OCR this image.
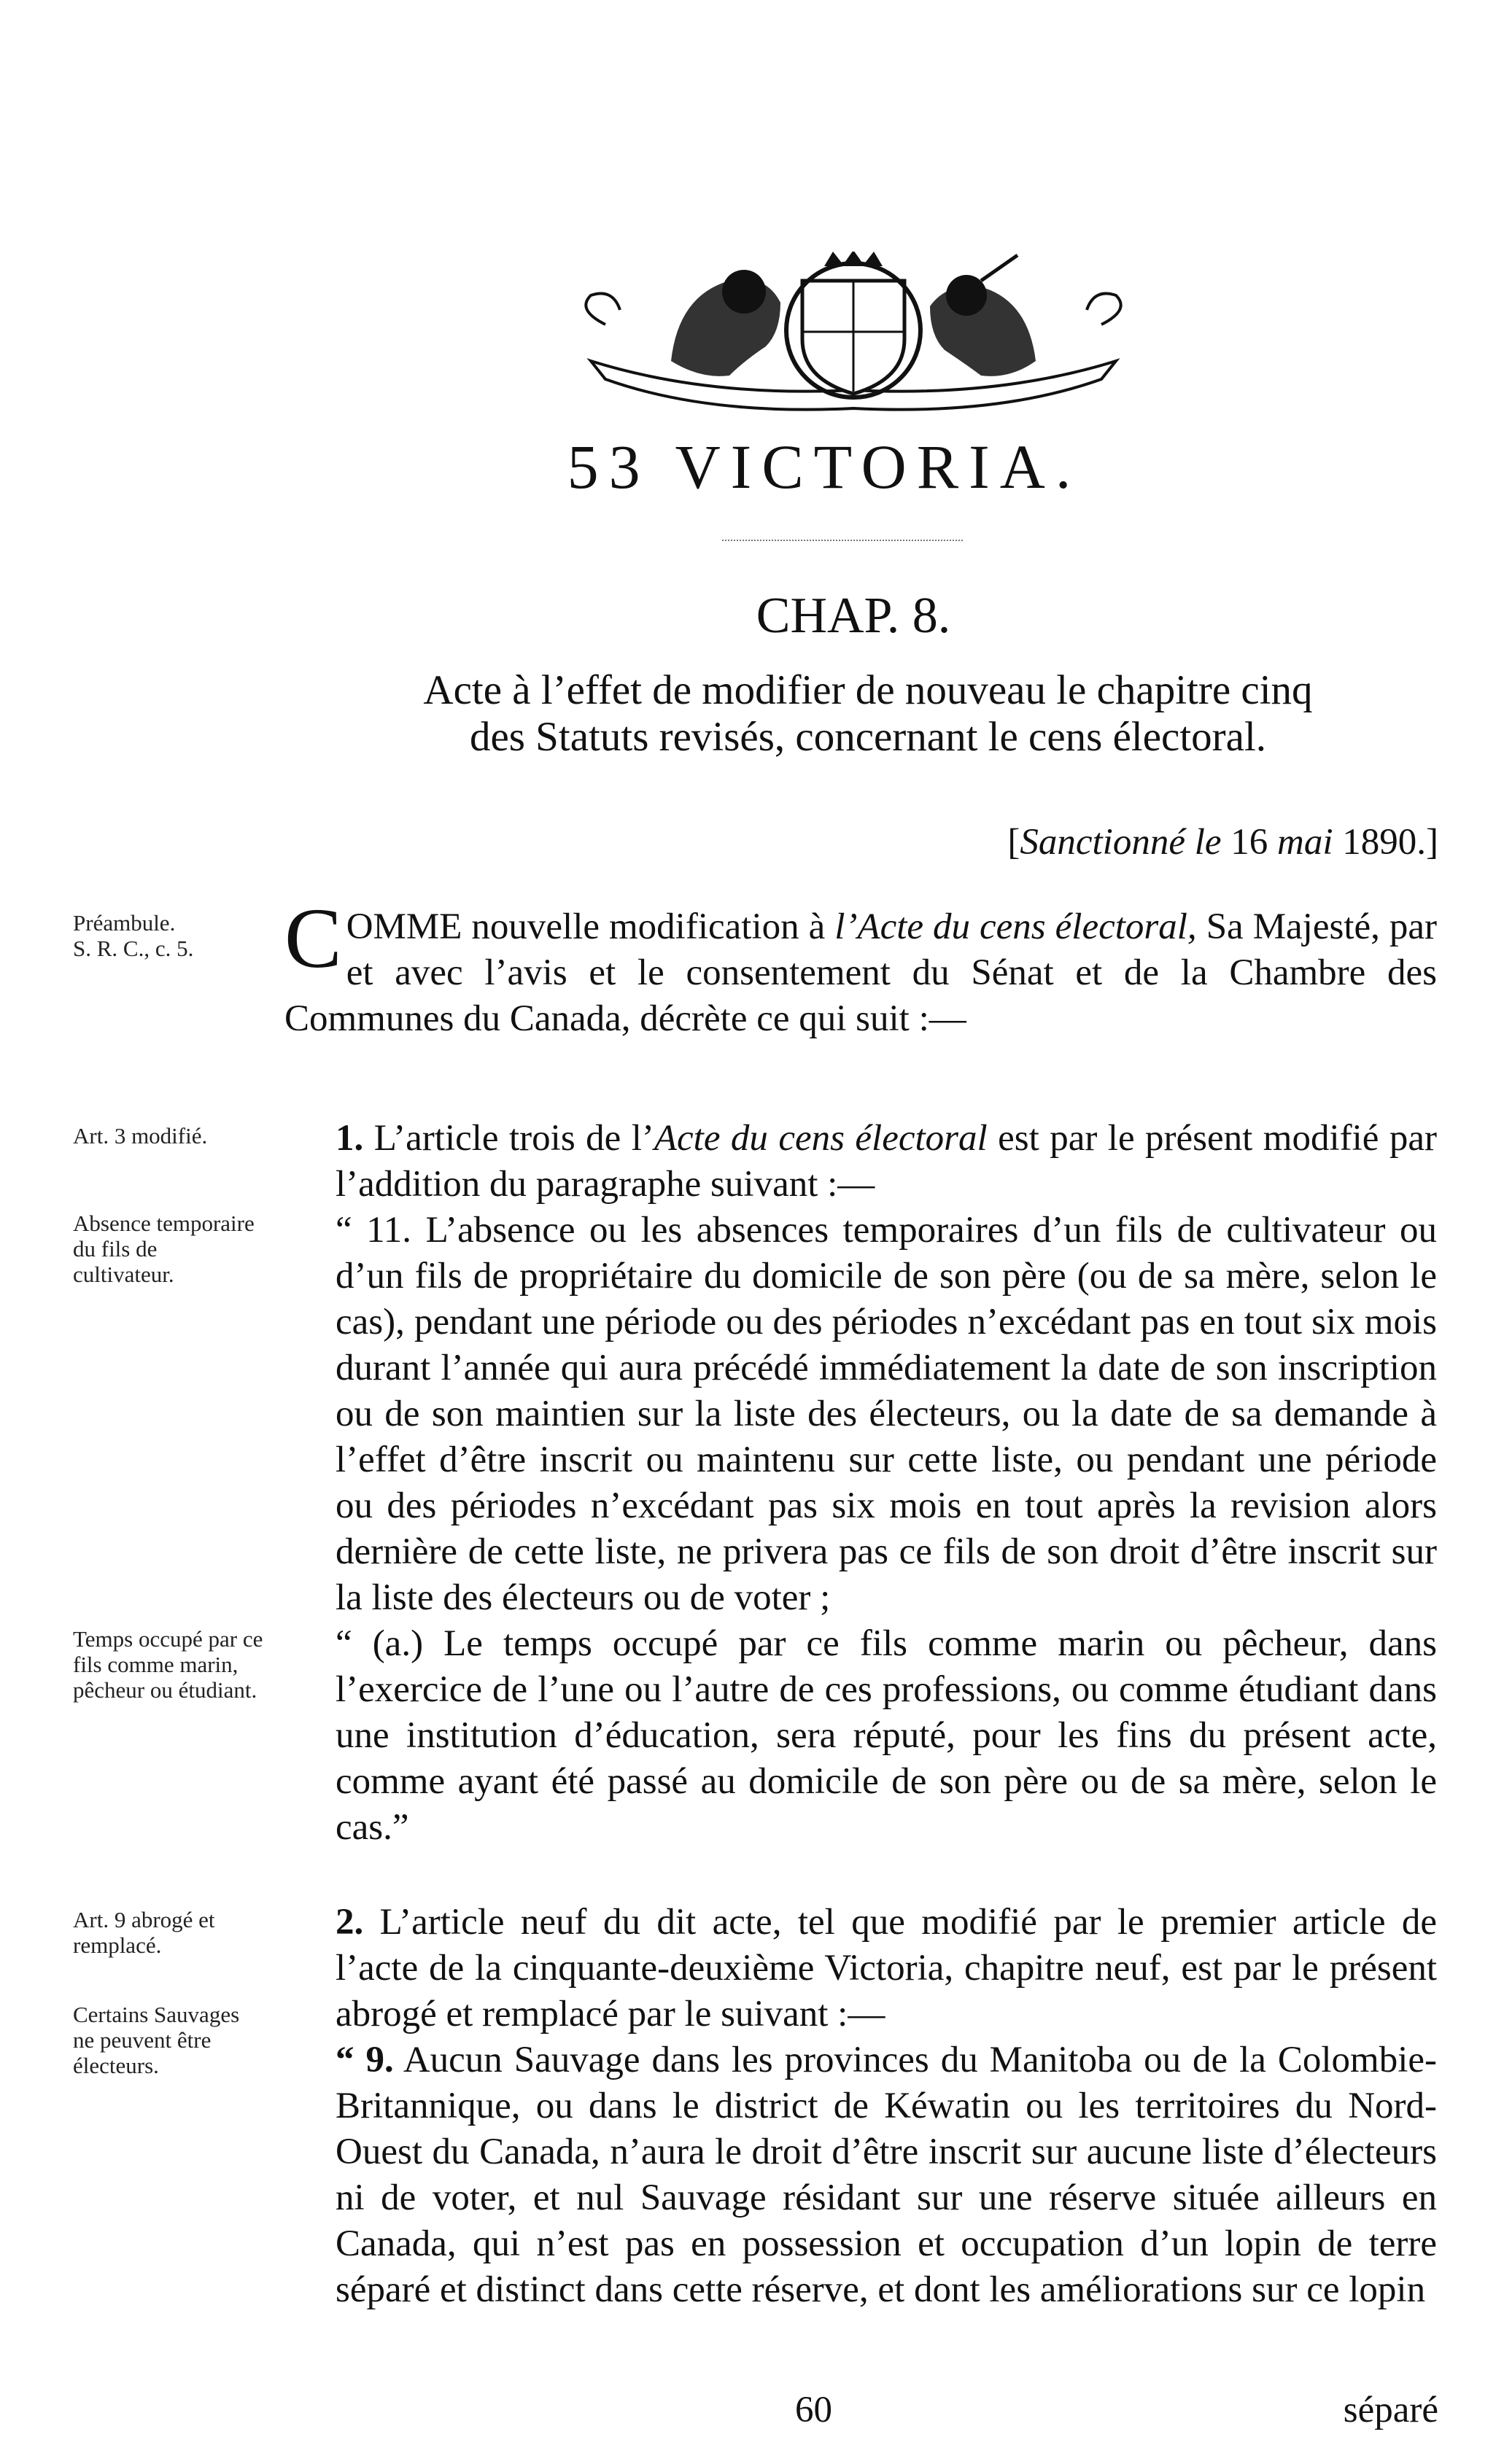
53 VICTORIA.
CHAP. 8.
Acte à l’effet de modifier de nouveau le chapitre cinq
des Statuts revisés, concernant le cens électoral.
[Sanctionné le 16 mai 1890.]
Préambule.
S. R. C., c. 5.
Art. 3 modifié.
Absence temporaire du fils de cultivateur.
Temps occupé par ce fils comme marin, pêcheur ou étudiant.
Art. 9 abrogé et remplacé.
Certains Sauvages ne peuvent être électeurs.
COMME nouvelle modification à l’Acte du cens électoral, Sa Majesté, par et avec l’avis et le consentement du Sénat et de la Chambre des Communes du Canada, décrète ce qui suit :—
1. L’article trois de l’Acte du cens électoral est par le présent modifié par l’addition du paragraphe suivant :—
“ 11. L’absence ou les absences temporaires d’un fils de cultivateur ou d’un fils de propriétaire du domicile de son père (ou de sa mère, selon le cas), pendant une période ou des périodes n’excédant pas en tout six mois durant l’année qui aura précédé immédiatement la date de son inscription ou de son maintien sur la liste des électeurs, ou la date de sa demande à l’effet d’être inscrit ou maintenu sur cette liste, ou pendant une période ou des périodes n’excédant pas six mois en tout après la revision alors dernière de cette liste, ne privera pas ce fils de son droit d’être inscrit sur la liste des électeurs ou de voter ;
“ (a.) Le temps occupé par ce fils comme marin ou pêcheur, dans l’exercice de l’une ou l’autre de ces professions, ou comme étudiant dans une institution d’éducation, sera réputé, pour les fins du présent acte, comme ayant été passé au domicile de son père ou de sa mère, selon le cas.”
2. L’article neuf du dit acte, tel que modifié par le premier article de l’acte de la cinquante-deuxième Victoria, chapitre neuf, est par le présent abrogé et remplacé par le suivant :—
“ 9. Aucun Sauvage dans les provinces du Manitoba ou de la Colombie-Britannique, ou dans le district de Kéwatin ou les territoires du Nord-Ouest du Canada, n’aura le droit d’être inscrit sur aucune liste d’électeurs ni de voter, et nul Sauvage résidant sur une réserve située ailleurs en Canada, qui n’est pas en possession et occupation d’un lopin de terre séparé et distinct dans cette réserve, et dont les améliorations sur ce lopin
60	séparé
